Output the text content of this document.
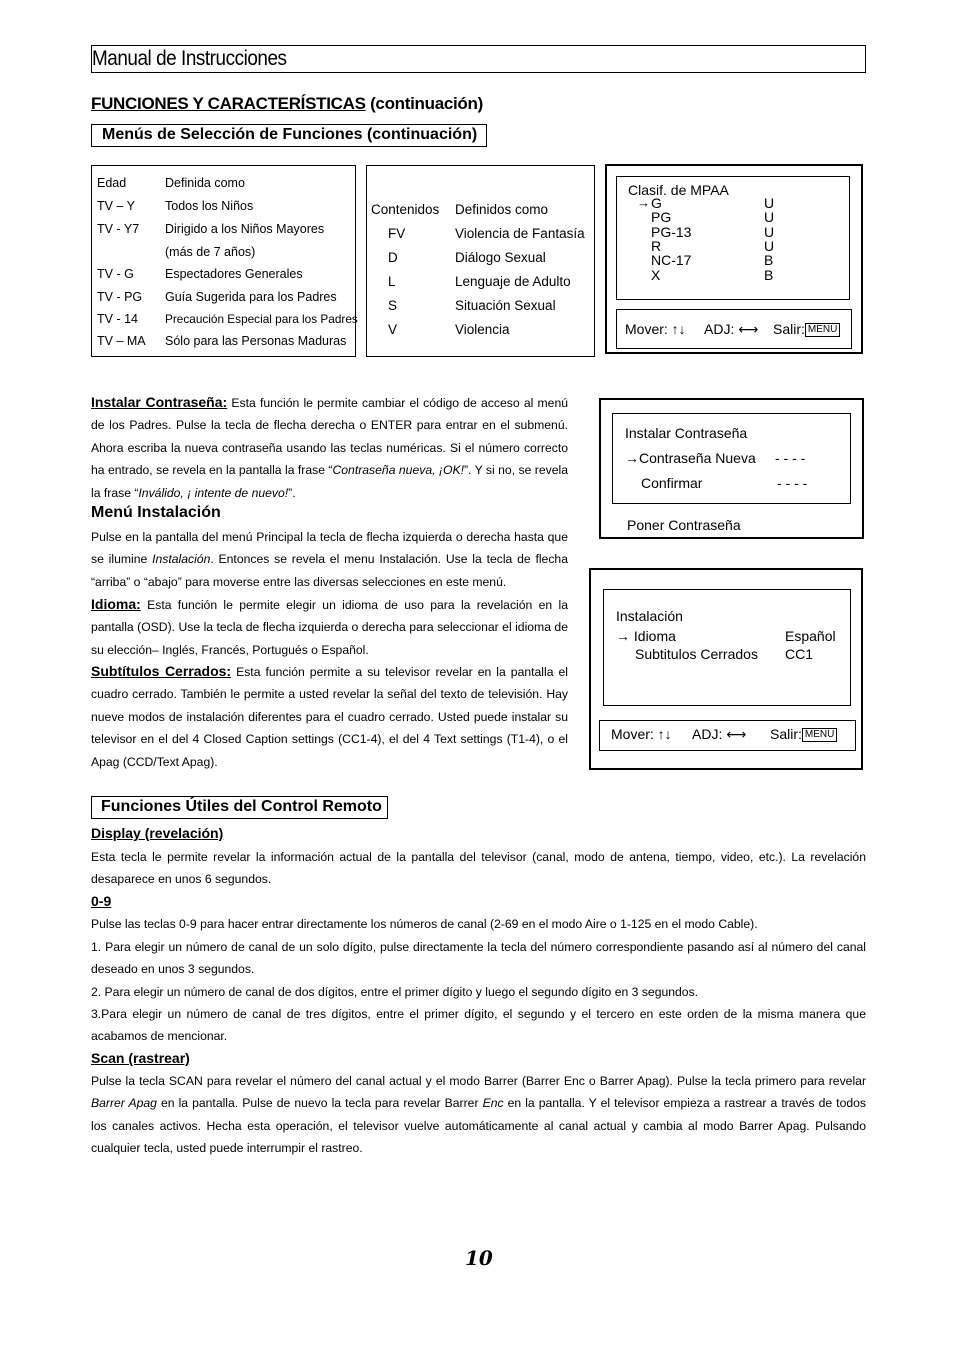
Manual de Instrucciones
FUNCIONES Y CARACTERÍSTICAS (continuación)
Menús de Selección de Funciones (continuación)
Edad	Definida como
TV – Y Todos los Niños
TV - Y7 Dirigido a los Niños Mayores
(más de 7 años)
TV - G Espectadores Generales
TV - PG Guía Sugerida para los Padres
TV - 14 Precaución Especial para los Padres
TV – MA Sólo para las Personas Maduras
Contenidos Definidos como
FV	Violencia de Fantasía
D	Diálogo Sexual
L	Lenguaje de Adulto
S	Situación Sexual
V	Violencia
Clasif. de MPAA
→ G	U
PG	U
PG-13	U
R	U
NC-17	B
X	B
Mover: ↑↓ ADJ: ⟷ Salir: MENU
Instalar Contraseña: Esta función le permite cambiar el código de acceso al menú de los Padres. Pulse la tecla de flecha derecha o ENTER para entrar en el submenú. Ahora escriba la nueva contraseña usando las teclas numéricas. Si el número correcto ha entrado, se revela en la pantalla la frase “Contraseña nueva, ¡OK!”. Y si no, se revela la frase “Inválido, ¡ intente de nuevo!”.
Instalar Contraseña
→Contraseña Nueva - - - -
Confirmar	- - - -
Poner Contraseña
Menú Instalación
Pulse en la pantalla del menú Principal la tecla de flecha izquierda o derecha hasta que se ilumine Instalación. Entonces se revela el menu Instalación. Use la tecla de flecha “arriba” o “abajo” para moverse entre las diversas selecciones en este menú.
Idioma: Esta función le permite elegir un idioma de uso para la revelación en la pantalla (OSD). Use la tecla de flecha izquierda o derecha para seleccionar el idioma de su elección– Inglés, Francés, Portugués o Español.
Subtítulos Cerrados: Esta función permite a su televisor revelar en la pantalla el cuadro cerrado. También le permite a usted revelar la señal del texto de televisión. Hay nueve modos de instalación diferentes para el cuadro cerrado. Usted puede instalar su televisor en el del 4 Closed Caption settings (CC1-4), el del 4 Text settings (T1-4), o el Apag (CCD/Text Apag).
Instalación
→ Idioma	Español
Subtitulos Cerrados CC1
Mover: ↑↓ ADJ: ⟷ Salir: MENU
Funciones Útiles del Control Remoto
Display (revelación)
Esta tecla le permite revelar la información actual de la pantalla del televisor (canal, modo de antena, tiempo, video, etc.). La revelación desaparece en unos 6 segundos.
0-9
Pulse las teclas 0-9 para hacer entrar directamente los números de canal (2-69 en el modo Aire o 1-125 en el modo Cable).
1. Para elegir un número de canal de un solo dígito, pulse directamente la tecla del número correspondiente pasando así al número del canal deseado en unos 3 segundos.
2. Para elegir un número de canal de dos dígitos, entre el primer dígito y luego el segundo dígito en 3 segundos.
3.Para elegir un número de canal de tres dígitos, entre el primer dígito, el segundo y el tercero en este orden de la misma manera que acabamos de mencionar.
Scan (rastrear)
Pulse la tecla SCAN para revelar el número del canal actual y el modo Barrer (Barrer Enc o Barrer Apag). Pulse la tecla primero para revelar Barrer Apag en la pantalla. Pulse de nuevo la tecla para revelar Barrer Enc en la pantalla. Y el televisor empieza a rastrear a través de todos los canales activos. Hecha esta operación, el televisor vuelve automáticamente al canal actual y cambia al modo Barrer Apag. Pulsando cualquier tecla, usted puede interrumpir el rastreo.
10
